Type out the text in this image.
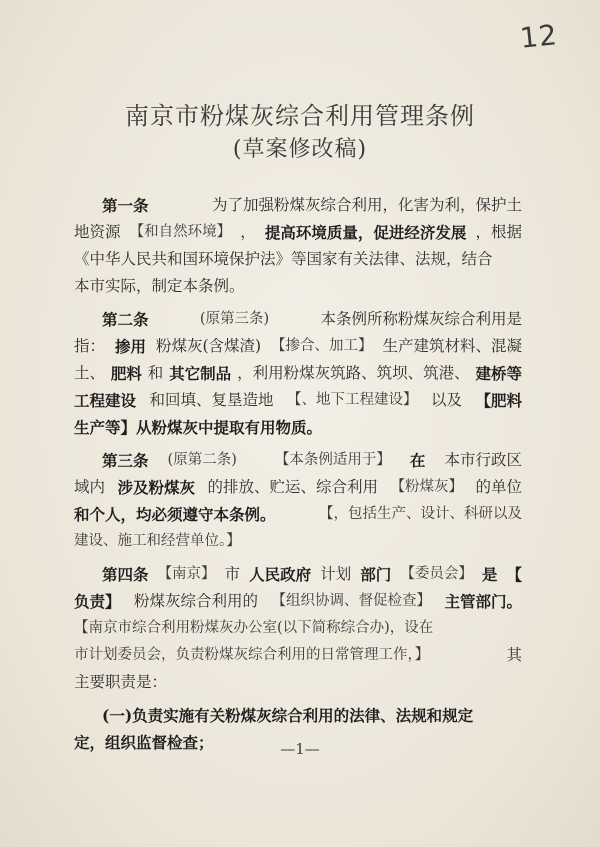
12
南京市粉煤灰综合利用管理条例
(草案修改稿)
第一条	为了加强粉煤灰综合利用，化害为利，保护土
地资源 【和自然环境】 ， 提高环境质量，促进经济发展 ，根据
《中华人民共和国环境保护法》等国家有关法律、法规，结合
本市实际，制定本条例。
第二条	(原第三条)	本条例所称粉煤灰综合利用是
指： 掺用 粉煤灰(含煤渣) 【掺合、加工】 生产建筑材料、混凝
土、 肥料 和 其它制品 ，利用粉煤灰筑路、筑坝、筑港、 建桥等
工程建设 和回填、复垦造地 【、地下工程建设】 以及 【肥料
生产等】 从粉煤灰中提取有用物质。
第三条 (原第二条)	【本条例适用于】 在 本市行政区
域内 涉及粉煤灰 的排放、贮运、综合利用 【粉煤灰】 的单位
和个人，均必须遵守本条例。	【，包括生产、设计、科研以及
建设、施工和经营单位。】
第四条 【南京】 市 人民政府 计划 部门 【委员会】 是 【
负责】 粉煤灰综合利用的 【组织协调、督促检查】 主管部门。
【南京市综合利用粉煤灰办公室(以下简称综合办)，设在
市计划委员会，负责粉煤灰综合利用的日常管理工作，】	其
主要职责是：
(一)负责实施有关粉煤灰综合利用的法律、法规和规定
定，组织监督检查；	—1—
